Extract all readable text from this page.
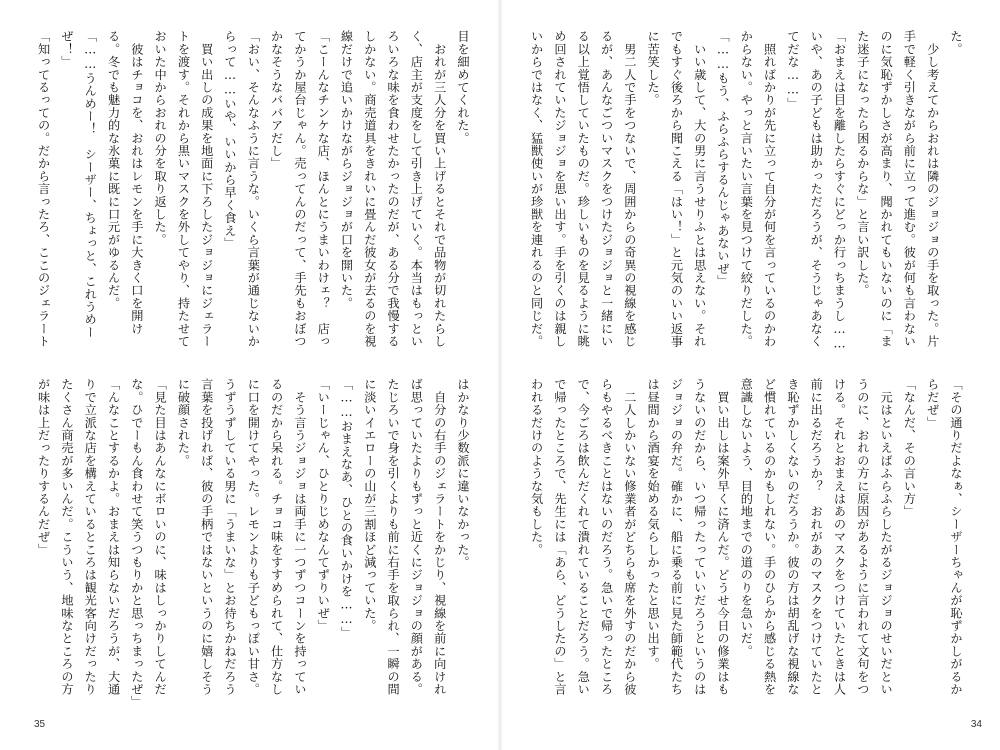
目を細めてくれた。

　おれが三人分を買い上げるとそれで品物が切れたらしく、店主が支度をして引き上げていく。本当はもっといろいろな味を食わせたかったのだが、ある分で我慢するしかない。商売道具をきれいに畳んだ彼女が去るのを視線だけで追いかけながらジョジョが口を開いた。

「こーんなチンケな店、ほんとにうまいわけェ？　店ってかうか屋台じゃん。売ってんのだって、手先もおぼつかなそうなババアだし」

「おい、そんなふうに言うな。いくら言葉が通じないからって……いや、いいから早く食え」

　買い出しの成果を地面に下ろしたジョジョにジェラートを渡す。それから黒いマスクを外してやり、持たせておいた中からおれの分を取り返した。

　彼はチョコを、おれはレモンを手に大きく口を開ける。冬でも魅力的な氷菓に既に口元がゆるんだ。

「……うんめー！　シーザー、ちょっと、これうめーぜ！」

「知ってるっての。だから言ったろ、ここのジェラート

はかなり少数派に違いなかった。

　自分の右手のジェラートをかじり、視線を前に向ければ思っていたよりもずっと近くにジョジョの顔がある。たじろいで身を引くよりも前に右手を取られ、一瞬の間に淡いイエローの山が三割ほど減っていた。

「……おまえなあ、ひとの食いかけを……」

「いーじゃん、ひとりじめなんてずりいぜ」

　そう言うジョジョは両手に一つずつコーンを持っているのだから呆れる。チョコ味をすすめられて、仕方なしに口を開けてやった。レモンよりも子どもっぽい甘さ。うずうずしている男に「うまいな」とお待ちかねだろう言葉を投げれば、彼の手柄ではないというのに嬉しそうに破顔された。

「見た目はあんなにボロいのに、味はしっかりしてんだな。ひでーもん食わせて笑うつもりかと思っちまったぜ」

「んなことするかよ。おまえは知らないだろうが、大通りで立派な店を構えているところは観光客向けだったりたくさん商売が多いんだ。こういう、地味なところの方が味は上だったりするんだぜ」

35

た。

　少し考えてからおれは隣のジョジョの手を取った。片手で軽く引きながら前に立って進む。彼が何も言わないのに気恥ずかしさが高まり、聞かれてもいないのに「また迷子になったら困るからな」と言い訳した。

「おまえは目を離したらすぐにどっか行っちまうし……いや、あの子どもは助かっただろうが、そうじゃあなくてだな……」

　照ればかりが先に立って自分が何を言っているのかわからない。やっと言いたい言葉を見つけて絞りだした。

「……もう、ふらふらするんじゃあないぜ」

　いい歳して、大の男に言うせりふとは思えない。それでもすぐ後ろから聞こえる「はい！」と元気のいい返事に苦笑した。

　男二人で手をつないで、周囲からの奇異の視線を感じるが、あんなごついマスクをつけたジョジョと一緒にいる以上覚悟していたものだ。珍しいものを見るように眺め回されていたジョジョを思い出す。手を引くのは親しいからではなく、猛獣使いが珍獣を連れるのと同じだ。

「その通りだよなぁ、シーザーちゃんが恥ずかしがるからだぜ」

「なんだ、その言い方」

　元はといえばふらふらしたがるジョジョのせいだというのに、おれの方に原因があるように言われて文句をつける。それとおまえはあのマスクをつけていたときは人前に出るだろうか？　おれがあのマスクをつけていたとき恥ずかしくないのだろうか。彼の方は胡乱げな視線など慣れているのかもしれない。手のひらから感じる熱を意識しないよう、目的地までの道のりを急いだ。

　買い出しは案外早くに済んだ。どうせ今日の修業はもうないのだから、いつ帰ったっていいだろうというのはジョジョの弁だ。確かに、船に乗る前に見た師範代たちは昼間から酒宴を始める気らしかったと思い出す。

　二人しかいない修業者がどちらも席を外すのだから彼らもやるべきことはないのだろう。急いで帰ったところで、今ごろは飲んだくれて潰れていることだろう。急いで帰ったところで、先生には「あら、どうしたの」と言われるだけのような気もした。

34
